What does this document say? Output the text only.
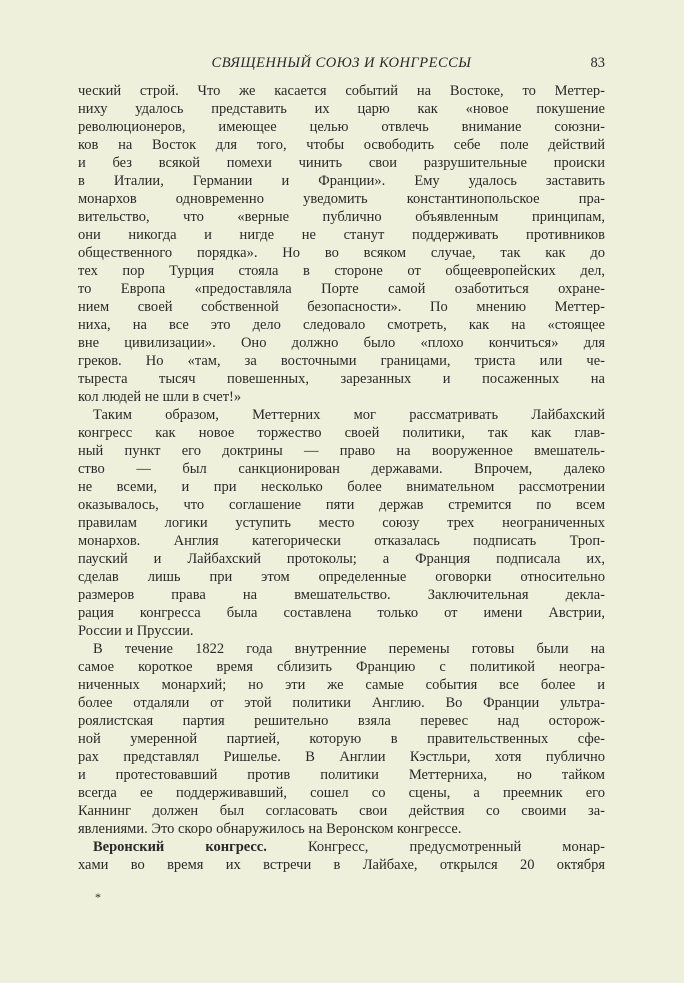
СВЯЩЕННЫЙ СОЮЗ И КОНГРЕССЫ	83
ческий строй. Что же касается событий на Востоке, то Меттер-
ниху удалось представить их царю как «новое покушение
революционеров, имеющее целью отвлечь внимание союзни-
ков на Восток для того, чтобы освободить себе поле действий
и без всякой помехи чинить свои разрушительные происки
в Италии, Германии и Франции». Ему удалось заставить
монархов одновременно уведомить константинопольское пра-
вительство, что «верные публично объявленным принципам,
они никогда и нигде не станут поддерживать противников
общественного порядка». Но во всяком случае, так как до
тех пор Турция стояла в стороне от общеевропейских дел,
то Европа «предоставляла Порте самой озаботиться охране-
нием своей собственной безопасности». По мнению Меттер-
ниха, на все это дело следовало смотреть, как на «стоящее
вне цивилизации». Оно должно было «плохо кончиться» для
греков. Но «там, за восточными границами, триста или че-
тыреста тысяч повешенных, зарезанных и посаженных на
кол людей не шли в счет!»
Таким образом, Меттерних мог рассматривать Лайбахский
конгресс как новое торжество своей политики, так как глав-
ный пункт его доктрины — право на вооруженное вмешатель-
ство — был санкционирован державами. Впрочем, далеко
не всеми, и при несколько более внимательном рассмотрении
оказывалось, что соглашение пяти держав стремится по всем
правилам логики уступить место союзу трех неограниченных
монархов. Англия категорически отказалась подписать Троп-
пауский и Лайбахский протоколы; а Франция подписала их,
сделав лишь при этом определенные оговорки относительно
размеров права на вмешательство. Заключительная декла-
рация конгресса была составлена только от имени Австрии,
России и Пруссии.
В течение 1822 года внутренние перемены готовы были на
самое короткое время сблизить Францию с политикой неогра-
ниченных монархий; но эти же самые события все более и
более отдаляли от этой политики Англию. Во Франции ультра-
роялистская партия решительно взяла перевес над осторож-
ной умеренной партией, которую в правительственных сфе-
рах представлял Ришелье. В Англии Кэстльри, хотя публично
и протестовавший против политики Меттерниха, но тайком
всегда ее поддерживавший, сошел со сцены, а преемник его
Каннинг должен был согласовать свои действия со своими за-
явлениями. Это скоро обнаружилось на Веронском конгрессе.
Веронский конгресс. Конгресс, предусмотренный монар-
хами во время их встречи в Лайбахе, открылся 20 октября
*
